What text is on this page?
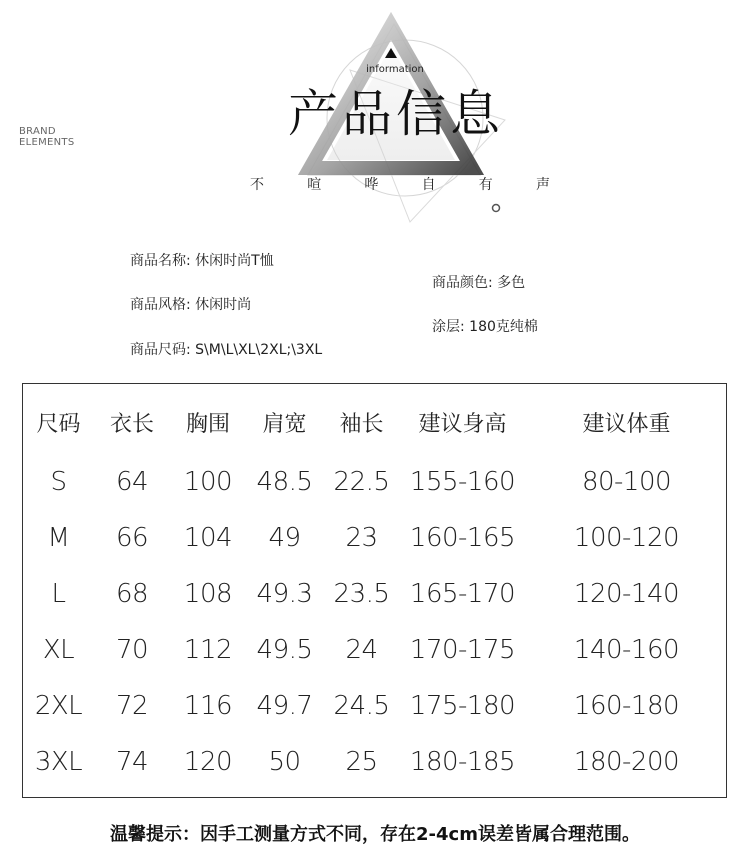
BRAND
ELEMENTS
information
产品信息
不	喧	哗	自	有	声
商品名称: 休闲时尚T恤
商品风格: 休闲时尚
商品尺码: S\M\L\XL\2XL;\3XL
商品颜色: 多色
涂层: 180克纯棉
尺码	衣长	胸围	肩宽	袖长	建议身高	建议体重
S	64	100	48.5	22.5	155-160	80-100
M	66	104	49	23	160-165	100-120
L	68	108	49.3	23.5	165-170	120-140
XL	70	112	49.5	24	170-175	140-160
2XL	72	116	49.7	24.5	175-180	160-180
3XL	74	120	50	25	180-185	180-200
温馨提示：因手工测量方式不同，存在2-4cm误差皆属合理范围。
